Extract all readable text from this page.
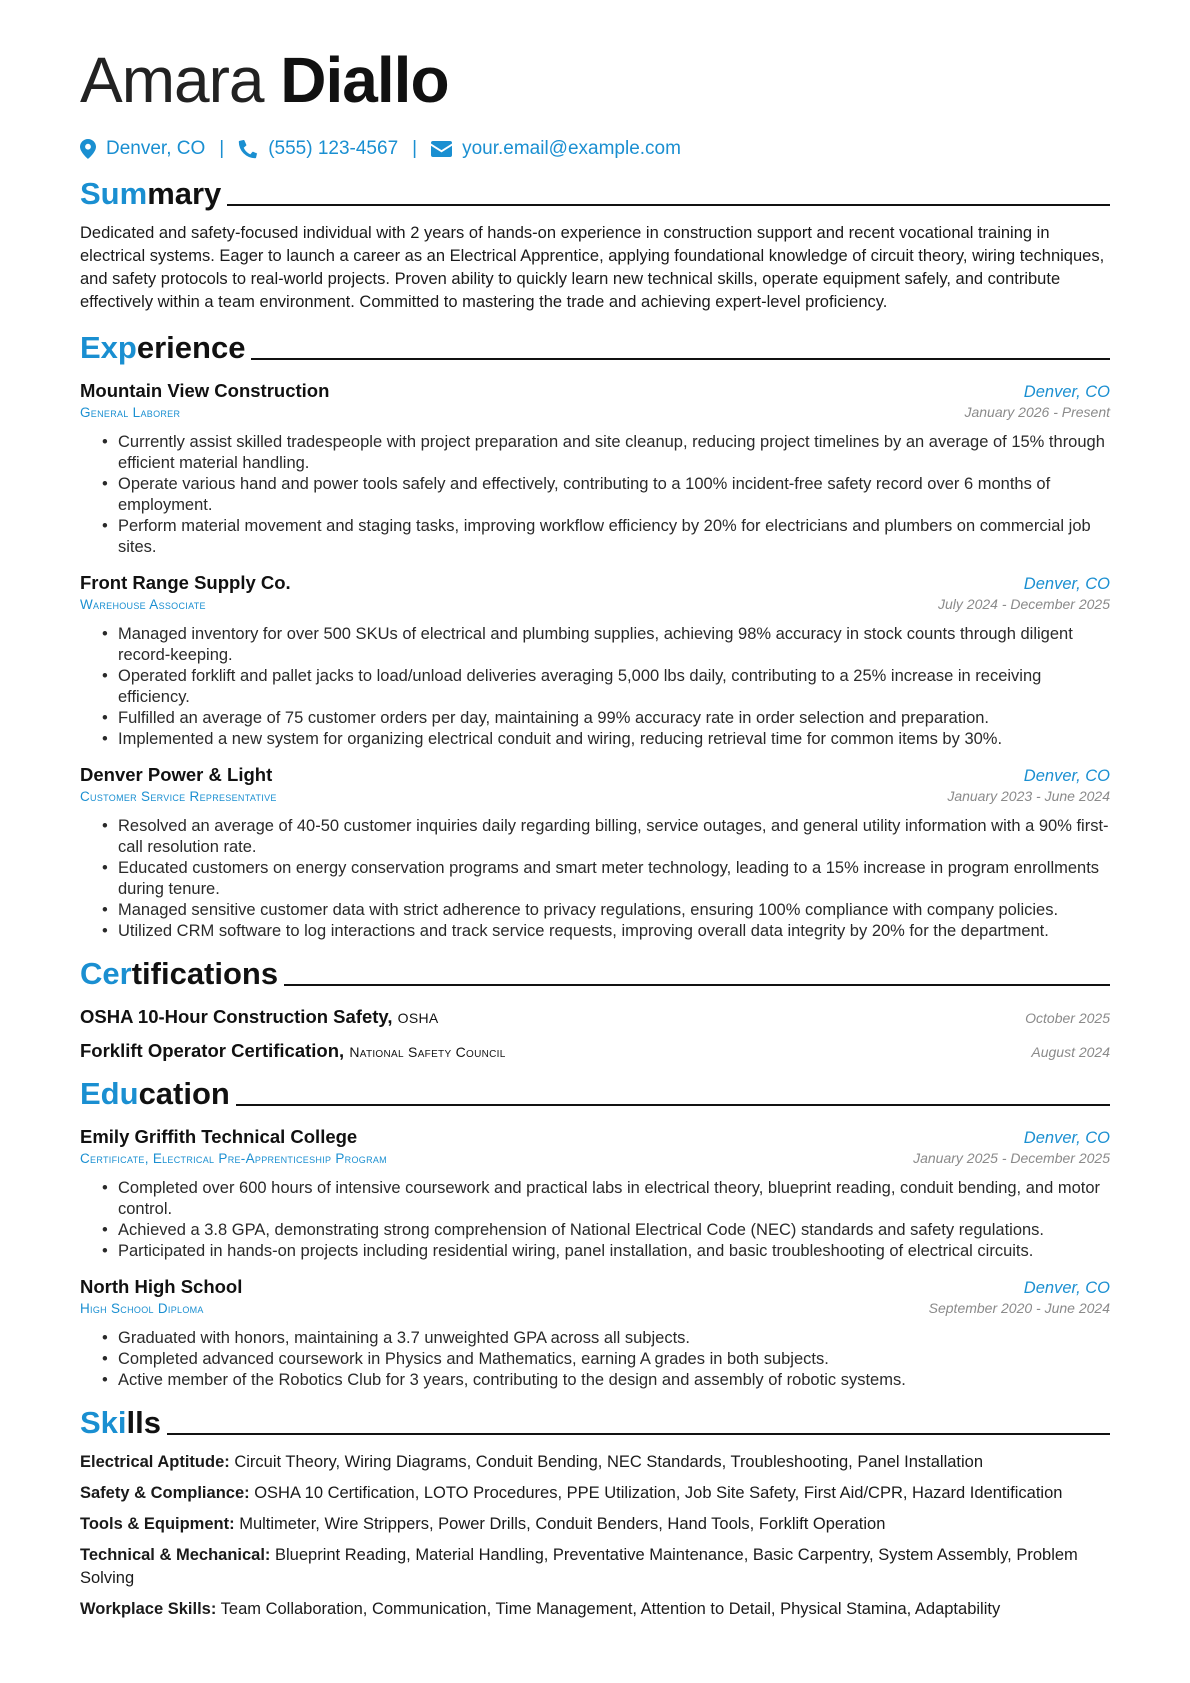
Amara Diallo
Denver, CO | (555) 123-4567 | your.email@example.com
Summary
Dedicated and safety-focused individual with 2 years of hands-on experience in construction support and recent vocational training in electrical systems. Eager to launch a career as an Electrical Apprentice, applying foundational knowledge of circuit theory, wiring techniques, and safety protocols to real-world projects. Proven ability to quickly learn new technical skills, operate equipment safely, and contribute effectively within a team environment. Committed to mastering the trade and achieving expert-level proficiency.
Experience
Mountain View Construction	Denver, CO
General Laborer	January 2026 - Present
• Currently assist skilled tradespeople with project preparation and site cleanup, reducing project timelines by an average of 15% through efficient material handling.
• Operate various hand and power tools safely and effectively, contributing to a 100% incident-free safety record over 6 months of employment.
• Perform material movement and staging tasks, improving workflow efficiency by 20% for electricians and plumbers on commercial job sites.
Front Range Supply Co.	Denver, CO
Warehouse Associate	July 2024 - December 2025
• Managed inventory for over 500 SKUs of electrical and plumbing supplies, achieving 98% accuracy in stock counts through diligent record-keeping.
• Operated forklift and pallet jacks to load/unload deliveries averaging 5,000 lbs daily, contributing to a 25% increase in receiving efficiency.
• Fulfilled an average of 75 customer orders per day, maintaining a 99% accuracy rate in order selection and preparation.
• Implemented a new system for organizing electrical conduit and wiring, reducing retrieval time for common items by 30%.
Denver Power & Light	Denver, CO
Customer Service Representative	January 2023 - June 2024
• Resolved an average of 40-50 customer inquiries daily regarding billing, service outages, and general utility information with a 90% first-call resolution rate.
• Educated customers on energy conservation programs and smart meter technology, leading to a 15% increase in program enrollments during tenure.
• Managed sensitive customer data with strict adherence to privacy regulations, ensuring 100% compliance with company policies.
• Utilized CRM software to log interactions and track service requests, improving overall data integrity by 20% for the department.
Certifications
OSHA 10-Hour Construction Safety, OSHA	October 2025
Forklift Operator Certification, National Safety Council	August 2024
Education
Emily Griffith Technical College	Denver, CO
Certificate, Electrical Pre-Apprenticeship Program	January 2025 - December 2025
• Completed over 600 hours of intensive coursework and practical labs in electrical theory, blueprint reading, conduit bending, and motor control.
• Achieved a 3.8 GPA, demonstrating strong comprehension of National Electrical Code (NEC) standards and safety regulations.
• Participated in hands-on projects including residential wiring, panel installation, and basic troubleshooting of electrical circuits.
North High School	Denver, CO
High School Diploma	September 2020 - June 2024
• Graduated with honors, maintaining a 3.7 unweighted GPA across all subjects.
• Completed advanced coursework in Physics and Mathematics, earning A grades in both subjects.
• Active member of the Robotics Club for 3 years, contributing to the design and assembly of robotic systems.
Skills
Electrical Aptitude: Circuit Theory, Wiring Diagrams, Conduit Bending, NEC Standards, Troubleshooting, Panel Installation
Safety & Compliance: OSHA 10 Certification, LOTO Procedures, PPE Utilization, Job Site Safety, First Aid/CPR, Hazard Identification
Tools & Equipment: Multimeter, Wire Strippers, Power Drills, Conduit Benders, Hand Tools, Forklift Operation
Technical & Mechanical: Blueprint Reading, Material Handling, Preventative Maintenance, Basic Carpentry, System Assembly, Problem Solving
Workplace Skills: Team Collaboration, Communication, Time Management, Attention to Detail, Physical Stamina, Adaptability
